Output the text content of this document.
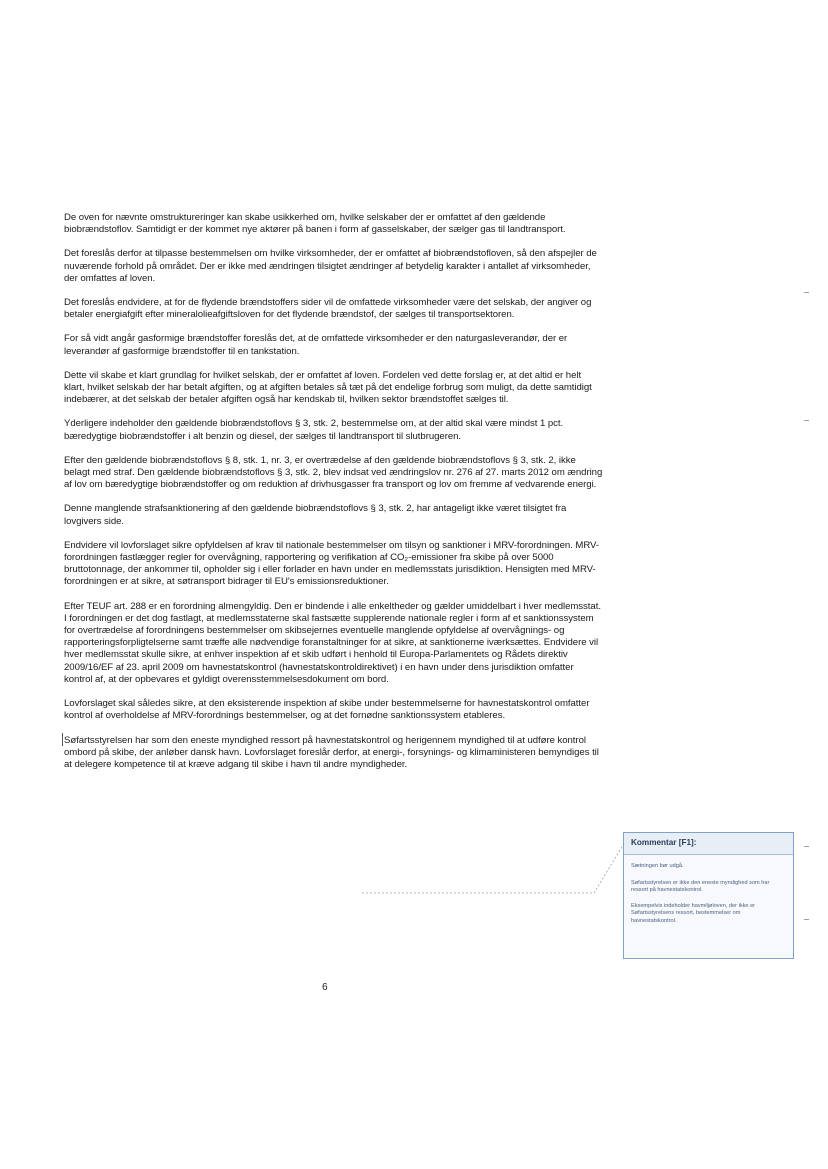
De oven for nævnte omstruktureringer kan skabe usikkerhed om, hvilke selskaber der er omfattet af den gældende biobrændstoflov. Samtidigt er der kommet nye aktører på banen i form af gasselskaber, der sælger gas til landtransport.

Det foreslås derfor at tilpasse bestemmelsen om hvilke virksomheder, der er omfattet af biobrændstofloven, så den afspejler de nuværende forhold på området. Der er ikke med ændringen tilsigtet ændringer af betydelig karakter i antallet af virksomheder, der omfattes af loven.

Det foreslås endvidere, at for de flydende brændstoffers sider vil de omfattede virksomheder være det selskab, der angiver og betaler energiafgift efter mineralolieafgiftsloven for det flydende brændstof, der sælges til transportsektoren.

For så vidt angår gasformige brændstoffer foreslås det, at de omfattede virksomheder er den naturgasleverandør, der er leverandør af gasformige brændstoffer til en tankstation.

Dette vil skabe et klart grundlag for hvilket selskab, der er omfattet af loven. Fordelen ved dette forslag er, at det altid er helt klart, hvilket selskab der har betalt afgiften, og at afgiften betales så tæt på det endelige forbrug som muligt, da dette samtidigt indebærer, at det selskab der betaler afgiften også har kendskab til, hvilken sektor brændstoffet sælges til.

Yderligere indeholder den gældende biobrændstoflovs § 3, stk. 2, bestemmelse om, at der altid skal være mindst 1 pct. bæredygtige biobrændstoffer i alt benzin og diesel, der sælges til landtransport til slutbrugeren.

Efter den gældende biobrændstoflovs § 8, stk. 1, nr. 3, er overtrædelse af den gældende biobrændstoflovs § 3, stk. 2, ikke belagt med straf. Den gældende biobrændstoflovs § 3, stk. 2, blev indsat ved ændringslov nr. 276 af 27. marts 2012 om ændring af lov om bæredygtige biobrændstoffer og om reduktion af drivhusgasser fra transport og lov om fremme af vedvarende energi.

Denne manglende strafsanktionering af den gældende biobrændstoflovs § 3, stk. 2, har antageligt ikke været tilsigtet fra lovgivers side.

Endvidere vil lovforslaget sikre opfyldelsen af krav til nationale bestemmelser om tilsyn og sanktioner i MRV-forordningen. MRV-forordningen fastlægger regler for overvågning, rapportering og verifikation af CO₂-emissioner fra skibe på over 5000 bruttotonnage, der ankommer til, opholder sig i eller forlader en havn under en medlemsstats jurisdiktion. Hensigten med MRV-forordningen er at sikre, at søtransport bidrager til EU's emissionsreduktioner.

Efter TEUF art. 288 er en forordning almengyldig. Den er bindende i alle enkeltheder og gælder umiddelbart i hver medlemsstat. I forordningen er det dog fastlagt, at medlemsstaterne skal fastsætte supplerende nationale regler i form af et sanktionssystem for overtrædelse af forordningens bestemmelser om skibsejernes eventuelle manglende opfyldelse af overvågnings- og rapporteringsforpligtelserne samt træffe alle nødvendige foranstaltninger for at sikre, at sanktionerne iværksættes. Endvidere vil hver medlemsstat skulle sikre, at enhver inspektion af et skib udført i henhold til Europa-Parlamentets og Rådets direktiv 2009/16/EF af 23. april 2009 om havnestatskontrol (havnestatskontroldirektivet) i en havn under dens jurisdiktion omfatter kontrol af, at der opbevares et gyldigt overensstemmelsesdokument om bord.

Lovforslaget skal således sikre, at den eksisterende inspektion af skibe under bestemmelserne for havnestatskontrol omfatter kontrol af overholdelse af MRV-forordnings bestemmelser, og at det fornødne sanktionssystem etableres.

Søfartsstyrelsen har som den eneste myndighed ressort på havnestatskontrol og herigennem myndighed til at udføre kontrol ombord på skibe, der anløber dansk havn. Lovforslaget foreslår derfor, at energi-, forsynings- og klimaministeren bemyndiges til at delegere kompetence til at kræve adgang til skibe i havn til andre myndigheder.
6
Kommentar [F1]:
Sætningen bør udgå.
Søfartsstyrelsen er ikke den eneste myndighed som har ressort på havnestatskontrol.
Eksempelvis indeholder havmiljøloven, der ikke er Søfartsstyrelsens ressort, bestemmelser om havnestatskontrol.
